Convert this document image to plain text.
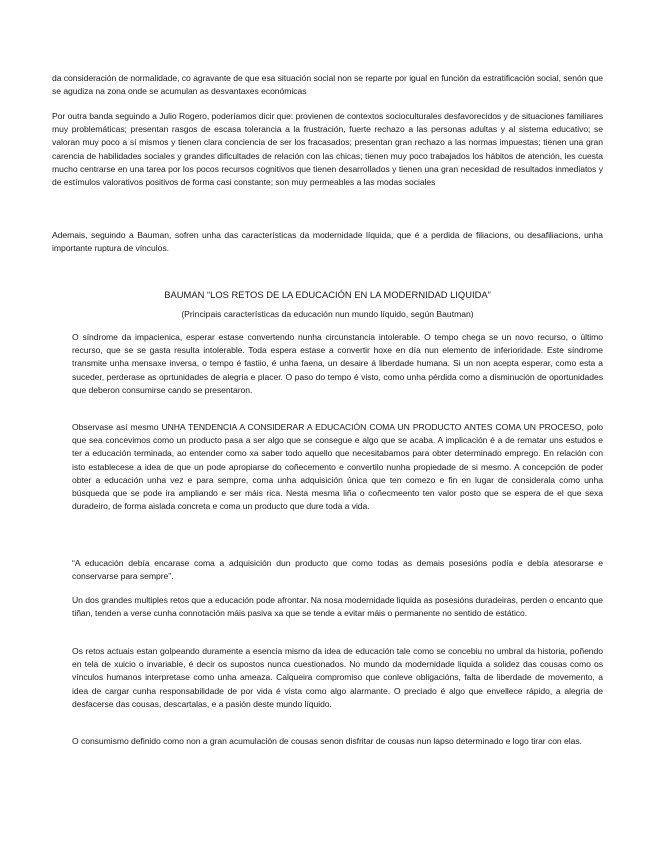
da consideración de normalidade, co agravante de que esa situación social non se reparte por igual en función da estratificación social, senón que se agudiza na zona onde se acumulan as desvantaxes económicas

Por outra banda seguindo a Julio Rogero, poderíamos dicir que: provienen de contextos socioculturales desfavorecidos y de situaciones familiares muy problemáticas; presentan rasgos de escasa tolerancia a la frustración, fuerte rechazo a las personas adultas y al sistema educativo; se valoran muy poco a sí mismos y tienen clara conciencia de ser los fracasados; presentan gran rechazo a las normas impuestas; tienen una gran carencia de habilidades sociales y grandes dificultades de relación con las chicas; tienen muy poco trabajados los hábitos de atención, les cuesta mucho centrarse en una tarea por los pocos recursos cognitivos que tienen desarrollados y tienen una gran necesidad de resultados inmediatos y de estímulos valorativos positivos de forma casi constante; son muy permeables a las modas sociales

Ademais, seguindo a Bauman, sofren unha das características da modernidade líquida, que é a perdida de filiacions, ou desafiliacions, unha importante ruptura de vínculos.

BAUMAN “LOS RETOS DE LA EDUCACIÓN EN LA MODERNIDAD LIQUIDA”

(Principais características da educación nun mundo líquido, según Bautman)

O síndrome da impacienica, esperar estase convertendo nunha circunstancia intolerable. O tempo chega se un novo recurso, o último recurso, que se se gasta resulta intolerable. Toda espera estase a convertir hoxe en día nun elemento de inferioridade. Este síndrome transmite unha mensaxe inversa, o tempo é fastiio, é unha faena, un desaire á liberdade humana. Si un non acepta esperar, como esta a suceder, perderase as oprtunidades de alegria e placer. O paso do tempo é visto, como unha pérdida como a disminución de oportunidades que deberon consumirse cando se presentaron.

Observase así mesmo UNHA TENDENCIA A CONSIDERAR A EDUCACIÓN COMA UN PRODUCTO ANTES COMA UN PROCESO, polo que sea concevimos como un producto pasa a ser algo que se consegue e algo que se acaba. A implicación é a de rematar uns estudos e ter a educación terminada, ao entender como xa saber todo aquello que necesitabamos para obter determinado emprego. En relación con isto establecese a idea de que un pode apropiarse do coñecemento e convertilo nunha propiedade de si mesmo. A concepción de poder obter a educación unha vez e para sempre, coma unha adquisición única que ten comezo e fin en lugar de considerala como unha búsqueda que se pode ira ampliando e ser máis rica. Nesta mesma liña o coñecmeento ten valor posto que se espera de el que sexa duradeiro, de forma aislada concreta e coma un producto que dure toda a vida.

“A educación debía encarase coma a adquisición dun producto que como todas as demais posesións podía e debía atesorarse e conservarse para sempre”.

Un dos grandes multiples retos que a educación pode afrontar. Na nosa modernidade liquida as posesións duradeiras, perden o encanto que tiñan, tenden a verse cunha connotación máis pasiva xa que se tende a evitar máis o permanente no sentido de estático.

Os retos actuais estan golpeando duramente a esencia mismo da idea de educación tale como se concebiu no umbral da historia, poñendo en tela de xuicio o invariable, é decir os supostos nunca cuestionados. No mundo da modernidade liquida a solidez das cousas como os vínculos humanos interpretase como unha ameaza. Calqueira compromiso que conleve obligacións, falta de liberdade de movemento, a idea de cargar cunha responsabilidade de por vida é vista como algo alarmante. O preciado é algo que envellece rápido, a alegria de desfacerse das cousas, descartalas, e a pasión deste mundo líquido.

O consumismo definido como non a gran acumulación de cousas senon disfritar de cousas nun lapso determinado e logo tirar con elas.
